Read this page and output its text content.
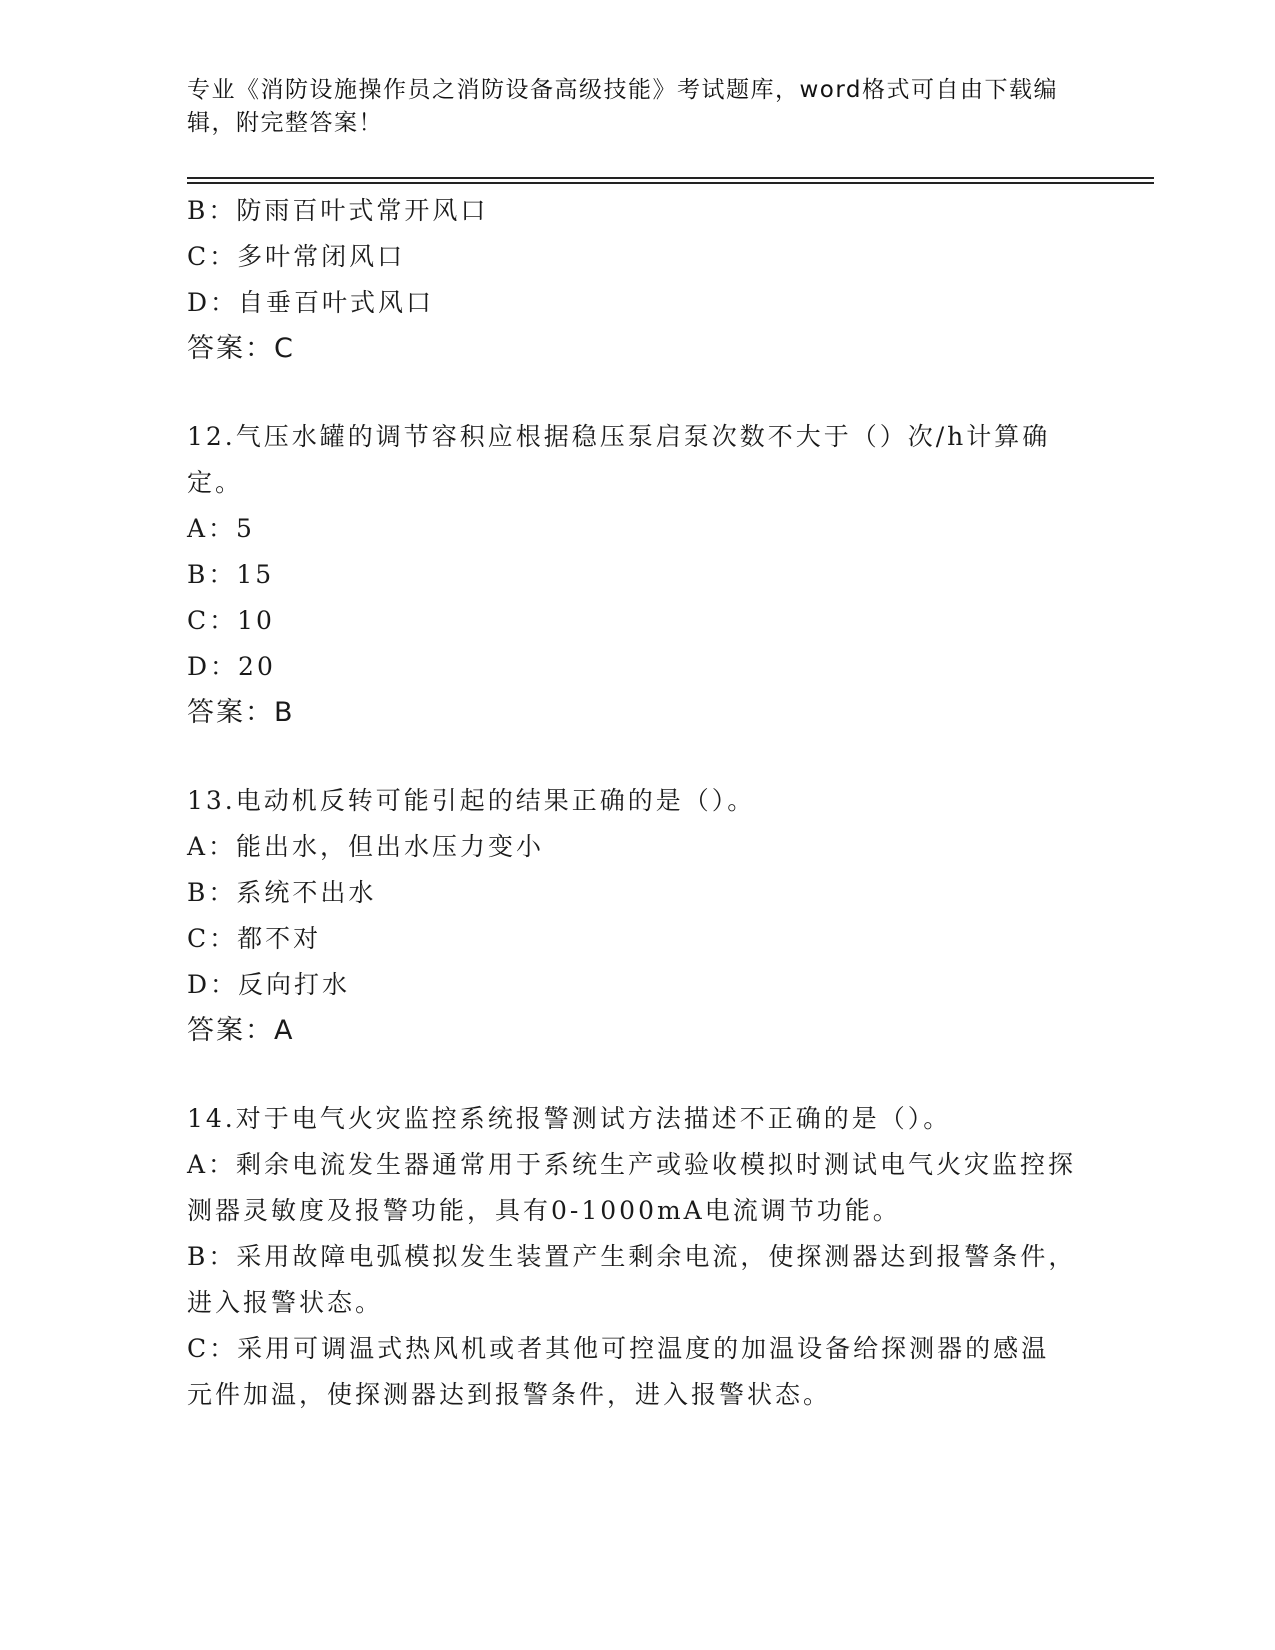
专业《消防设施操作员之消防设备高级技能》考试题库，word格式可自由下载编辑，附完整答案！
B：防雨百叶式常开风口
C：多叶常闭风口
D：自垂百叶式风口
答案：C
12.气压水罐的调节容积应根据稳压泵启泵次数不大于（）次/h计算确定。
A：5
B：15
C：10
D：20
答案：B
13.电动机反转可能引起的结果正确的是（）。
A：能出水，但出水压力变小
B：系统不出水
C：都不对
D：反向打水
答案：A
14.对于电气火灾监控系统报警测试方法描述不正确的是（）。
A：剩余电流发生器通常用于系统生产或验收模拟时测试电气火灾监控探测器灵敏度及报警功能，具有0-1000mA电流调节功能。
B：采用故障电弧模拟发生装置产生剩余电流，使探测器达到报警条件，进入报警状态。
C：采用可调温式热风机或者其他可控温度的加温设备给探测器的感温元件加温，使探测器达到报警条件，进入报警状态。
